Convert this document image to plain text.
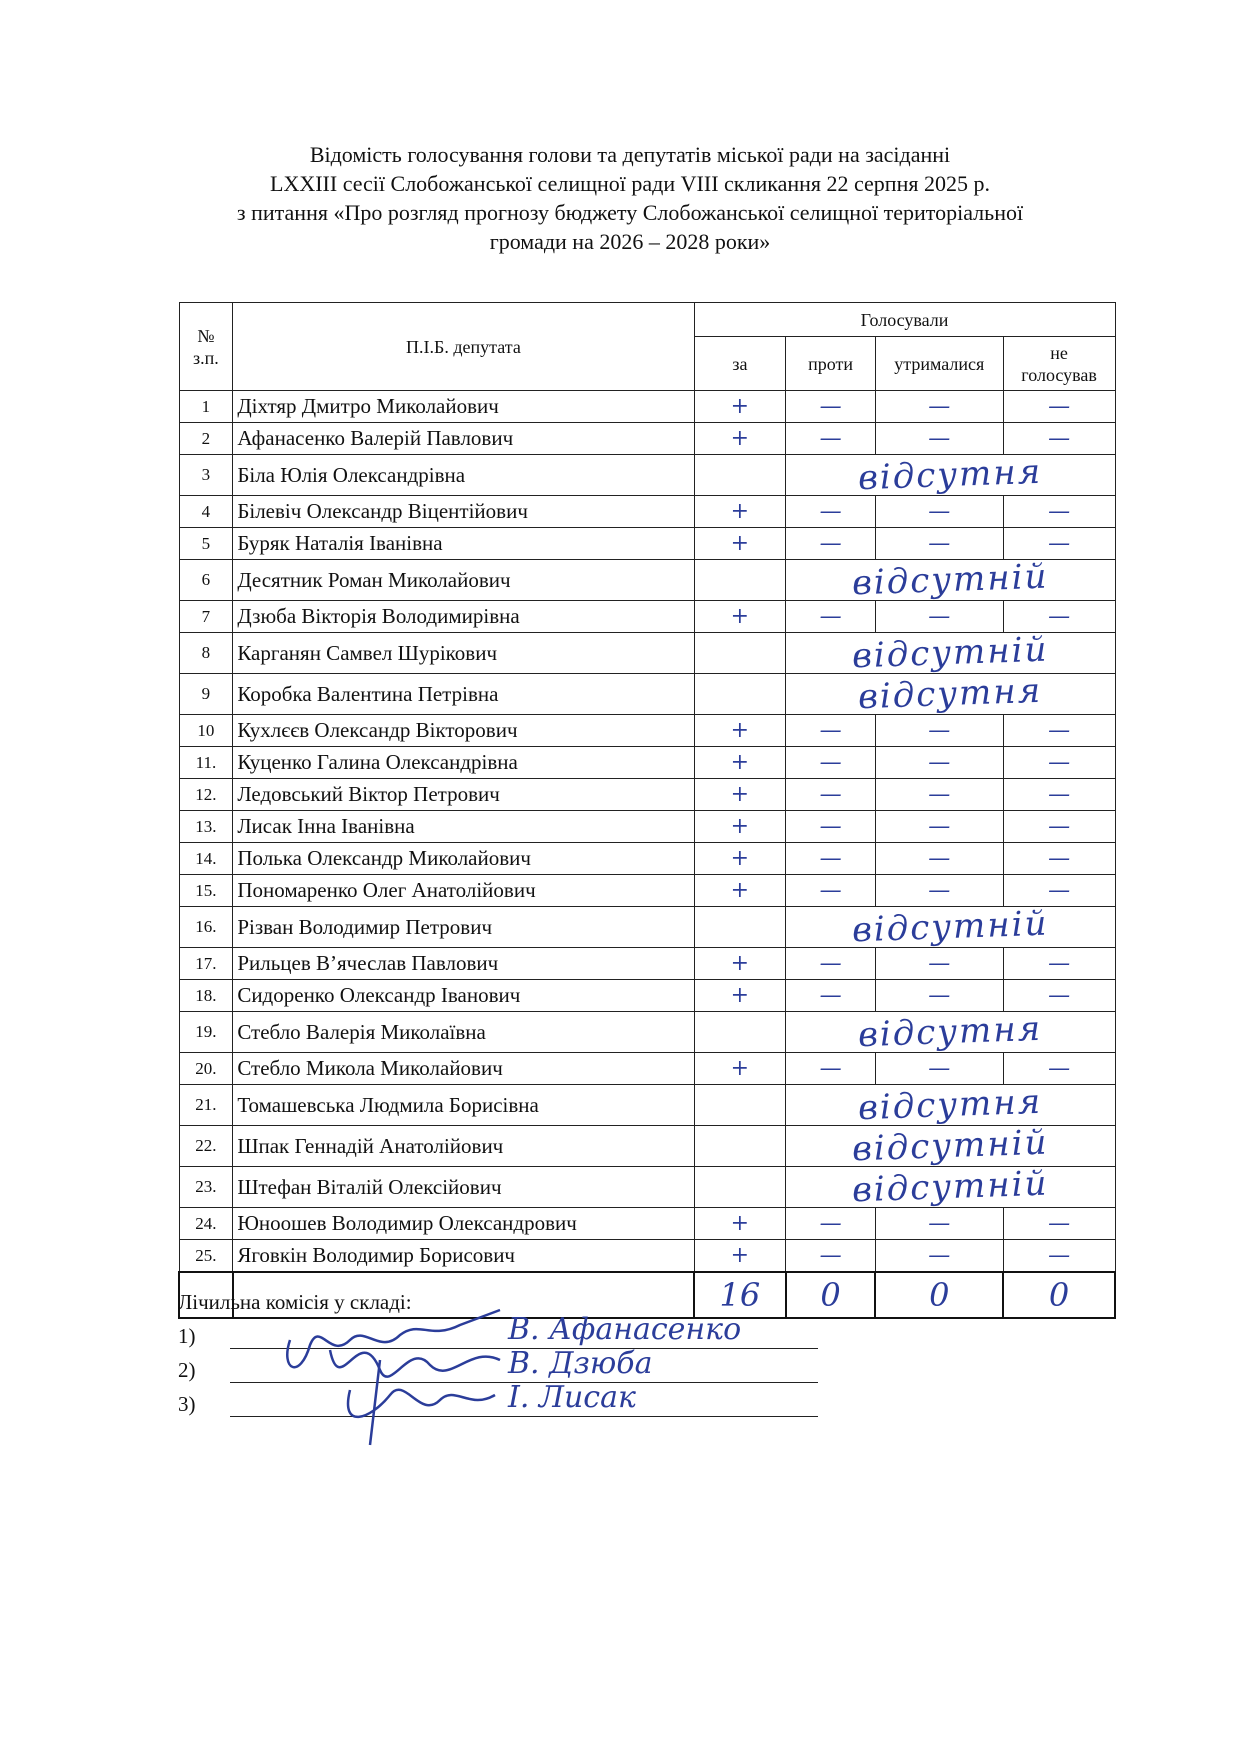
Відомість голосування голови та депутатів міської ради на засіданні
LXXIII сесії Слобожанської селищної ради VIII скликання 22 серпня 2025 р.
з питання «Про розгляд прогнозу бюджету Слобожанської селищної територіальної
громади на 2026 – 2028 роки»
№
з.п.	П.І.Б. депутата	Голосували			
		за	проти	утрималися	не
голосував
1	Діхтяр Дмитро Миколайович	+	—	—	—
2	Афанасенко Валерій Павлович	+	—	—	—
3	Біла Юлія Олександрівна		відсутня		
4	Білевіч Олександр Віцентійович	+	—	—	—
5	Буряк Наталія Іванівна	+	—	—	—
6	Десятник Роман Миколайович		відсутній		
7	Дзюба Вікторія Володимирівна	+	—	—	—
8	Карганян Самвел Шурікович		відсутній		
9	Коробка Валентина Петрівна		відсутня		
10	Кухлєєв Олександр Вікторович	+	—	—	—
11.	Куценко Галина Олександрівна	+	—	—	—
12.	Ледовський Віктор Петрович	+	—	—	—
13.	Лисак Інна Іванівна	+	—	—	—
14.	Полька Олександр Миколайович	+	—	—	—
15.	Пономаренко Олег Анатолійович	+	—	—	—
16.	Різван Володимир Петрович		відсутній		
17.	Рильцев В’ячеслав Павлович	+	—	—	—
18.	Сидоренко Олександр Іванович	+	—	—	—
19.	Стебло Валерія Миколаївна		відсутня		
20.	Стебло Микола Миколайович	+	—	—	—
21.	Томашевська Людмила Борисівна		відсутня		
22.	Шпак Геннадій Анатолійович		відсутній		
23.	Штефан Віталій Олексійович		відсутній		
24.	Юноошев Володимир Олександрович	+	—	—	—
25.	Яговкін Володимир Борисович	+	—	—	—
		16	0	0	0
Лічильна комісія у складі:
1)	В. Афанасенко
2)	В. Дзюба
3)	І. Лисак
